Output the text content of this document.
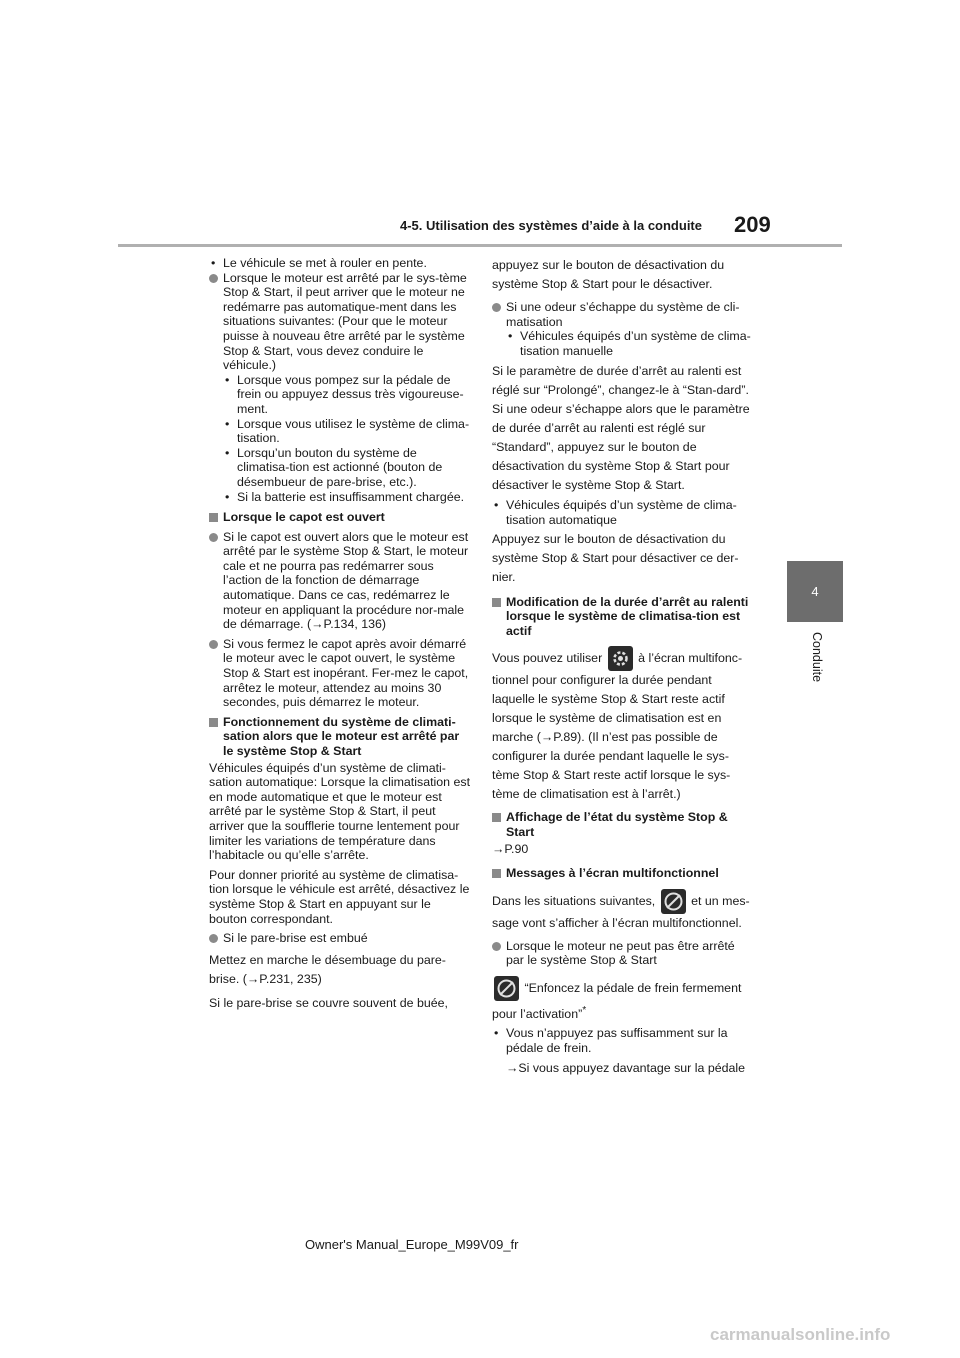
4-5. Utilisation des systèmes d’aide à la conduite 209
4
Conduite

• Le véhicule se met à rouler en pente.

Lorsque le moteur est arrêté par le sys-tème Stop & Start, il peut arriver que le moteur ne redémarre pas automatique-ment dans les situations suivantes: (Pour que le moteur puisse à nouveau être arrêté par le système Stop & Start, vous devez conduire le véhicule.)

• Lorsque vous pompez sur la pédale de frein ou appuyez dessus très vigoureuse-ment.

• Lorsque vous utilisez le système de clima-tisation.

• Lorsqu’un bouton du système de climatisa-tion est actionné (bouton de désembueur de pare-brise, etc.).

• Si la batterie est insuffisamment chargée.

Lorsque le capot est ouvert

Si le capot est ouvert alors que le moteur est arrêté par le système Stop & Start, le moteur cale et ne pourra pas redémarrer sous l’action de la fonction de démarrage automatique. Dans ce cas, redémarrez le moteur en appliquant la procédure nor-male de démarrage. (→P.134, 136)

Si vous fermez le capot après avoir démarré le moteur avec le capot ouvert, le système Stop & Start est inopérant. Fer-mez le capot, arrêtez le moteur, attendez au moins 30 secondes, puis démarrez le moteur.

Fonctionnement du système de climati-sation alors que le moteur est arrêté par le système Stop & Start

Véhicules équipés d’un système de climati-sation automatique: Lorsque la climatisation est en mode automatique et que le moteur est arrêté par le système Stop & Start, il peut arriver que la soufflerie tourne lentement pour limiter les variations de température dans l’habitacle ou qu’elle s’arrête.

Pour donner priorité au système de climatisa-tion lorsque le véhicule est arrêté, désactivez le système Stop & Start en appuyant sur le bouton correspondant.

Si le pare-brise est embué

Mettez en marche le désembuage du pare-brise. (→P.231, 235)

Si le pare-brise se couvre souvent de buée,

appuyez sur le bouton de désactivation du système Stop & Start pour le désactiver.

Si une odeur s’échappe du système de cli-matisation

• Véhicules équipés d’un système de clima-tisation manuelle

Si le paramètre de durée d’arrêt au ralenti est réglé sur “Prolongé”, changez-le à “Stan-dard”. Si une odeur s’échappe alors que le paramètre de durée d’arrêt au ralenti est réglé sur “Standard”, appuyez sur le bouton de désactivation du système Stop & Start pour désactiver le système Stop & Start.

• Véhicules équipés d’un système de clima-tisation automatique

Appuyez sur le bouton de désactivation du système Stop & Start pour désactiver ce der-nier.

Modification de la durée d’arrêt au ralenti lorsque le système de climatisa-tion est actif

Vous pouvez utiliser	à l’écran multifonc-tionnel pour configurer la durée pendant laquelle le système Stop & Start reste actif lorsque le système de climatisation est en marche (→P.89). (Il n’est pas possible de configurer la durée pendant laquelle le sys-tème Stop & Start reste actif lorsque le sys-tème de climatisation est à l’arrêt.)

Affichage de l’état du système Stop & Start

→P.90

Messages à l’écran multifonctionnel

Dans les situations suivantes,	et un mes-sage vont s’afficher à l’écran multifonctionnel.

Lorsque le moteur ne peut pas être arrêté par le système Stop & Start

“Enfoncez la pédale de frein fermement pour l’activation”*

• Vous n’appuyez pas suffisamment sur la pédale de frein.

→Si vous appuyez davantage sur la pédale

Owner's Manual_Europe_M99V09_fr
carmanualsonline.info
